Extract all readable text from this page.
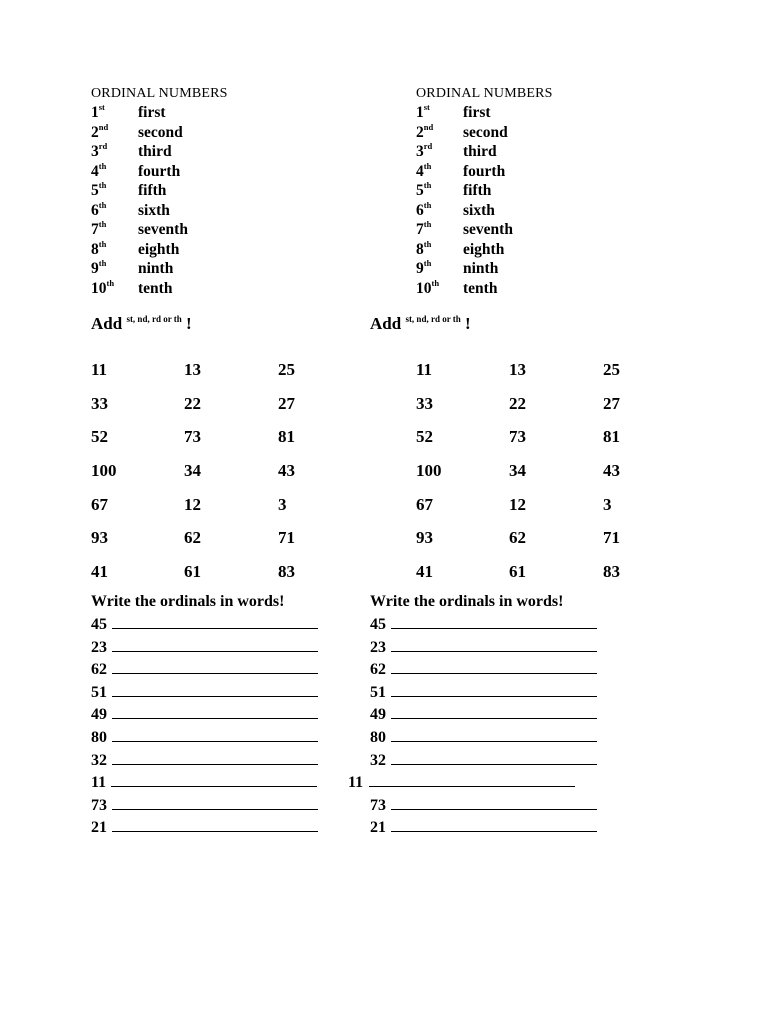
ORDINAL NUMBERS
1st first
2nd second
3rd third
4th fourth
5th fifth
6th sixth
7th seventh
8th eighth
9th ninth
10th tenth
Add $^{st, nd, rd or th}$ !
11	13	25
33	22	27
52	73	81
100	34	43
67	12	3
93	62	71
41	61	83
Write the ordinals in words!
45
23
62
51
49
80
32
11
73
21
ORDINAL NUMBERS
1st first
2nd second
3rd third
4th fourth
5th fifth
6th sixth
7th seventh
8th eighth
9th ninth
10th tenth
Add $^{st, nd, rd or th}$ !
11	13	25
33	22	27
52	73	81
100	34	43
67	12	3
93	62	71
41	61	83
Write the ordinals in words!
45
23
62
51
49
80
32
11
73
21
